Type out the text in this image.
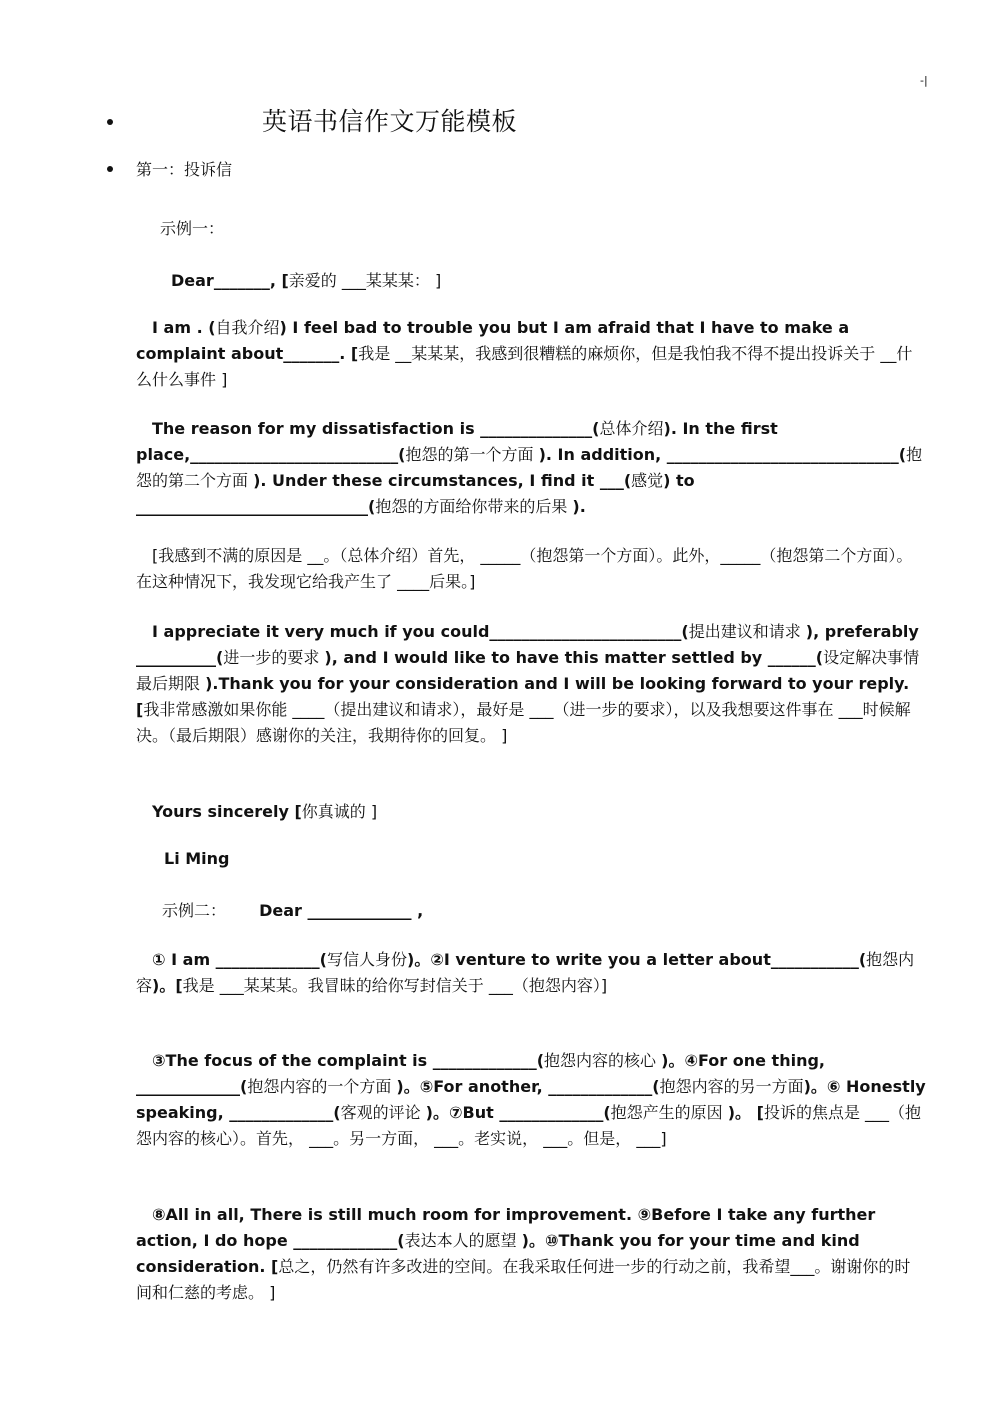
-|
英语书信作文万能模板
第一：投诉信
示例一：
Dear_______, [亲爱的 ___某某某： ]
I am . (自我介绍) I feel bad to trouble you but I am afraid that I have to make a complaint about_______. [我是 __某某某，我感到很糟糕的麻烦你，但是我怕我不得不提出投诉关于 __什么什么事件 ]
The reason for my dissatisfaction is ______________(总体介绍). In the first place,__________________________(抱怨的第一个方面 ). In addition, _____________________________(抱怨的第二个方面 ). Under these circumstances, I find it ___(感觉) to _____________________________(抱怨的方面给你带来的后果 ).
[我感到不满的原因是 __。（总体介绍）首先， _____（抱怨第一个方面）。此外，_____（抱怨第二个方面）。在这种情况下，我发现它给我产生了 ____后果。]
I appreciate it very much if you could________________________(提出建议和请求 ), preferably __________(进一步的要求 ), and I would like to have this matter settled by ______(设定解决事情最后期限 ).Thank you for your consideration and I will be looking forward to your reply. [我非常感激如果你能 ____（提出建议和请求），最好是 ___（进一步的要求），以及我想要这件事在 ___时候解决。（最后期限）感谢你的关注，我期待你的回复。 ]
Yours sincerely [你真诚的 ]
Li Ming
示例二： Dear _____________ ,
① I am _____________(写信人身份)。②I venture to write you a letter about___________(抱怨内容)。[我是 ___某某某。我冒昧的给你写封信关于 ___（抱怨内容）]
③The focus of the complaint is _____________(抱怨内容的核心 )。④For one thing, _____________(抱怨内容的一个方面 )。⑤For another, _____________(抱怨内容的另一方面)。⑥ Honestly speaking, _____________(客观的评论 )。⑦But _____________(抱怨产生的原因 )。 [投诉的焦点是 ___（抱怨内容的核心）。首先， ___。另一方面， ___。老实说， ___。但是， ___]
⑧All in all, There is still much room for improvement. ⑨Before I take any further action, I do hope _____________(表达本人的愿望 )。⑩Thank you for your time and kind consideration. [总之，仍然有许多改进的空间。在我采取任何进一步的行动之前，我希望___。谢谢你的时间和仁慈的考虑。 ]
